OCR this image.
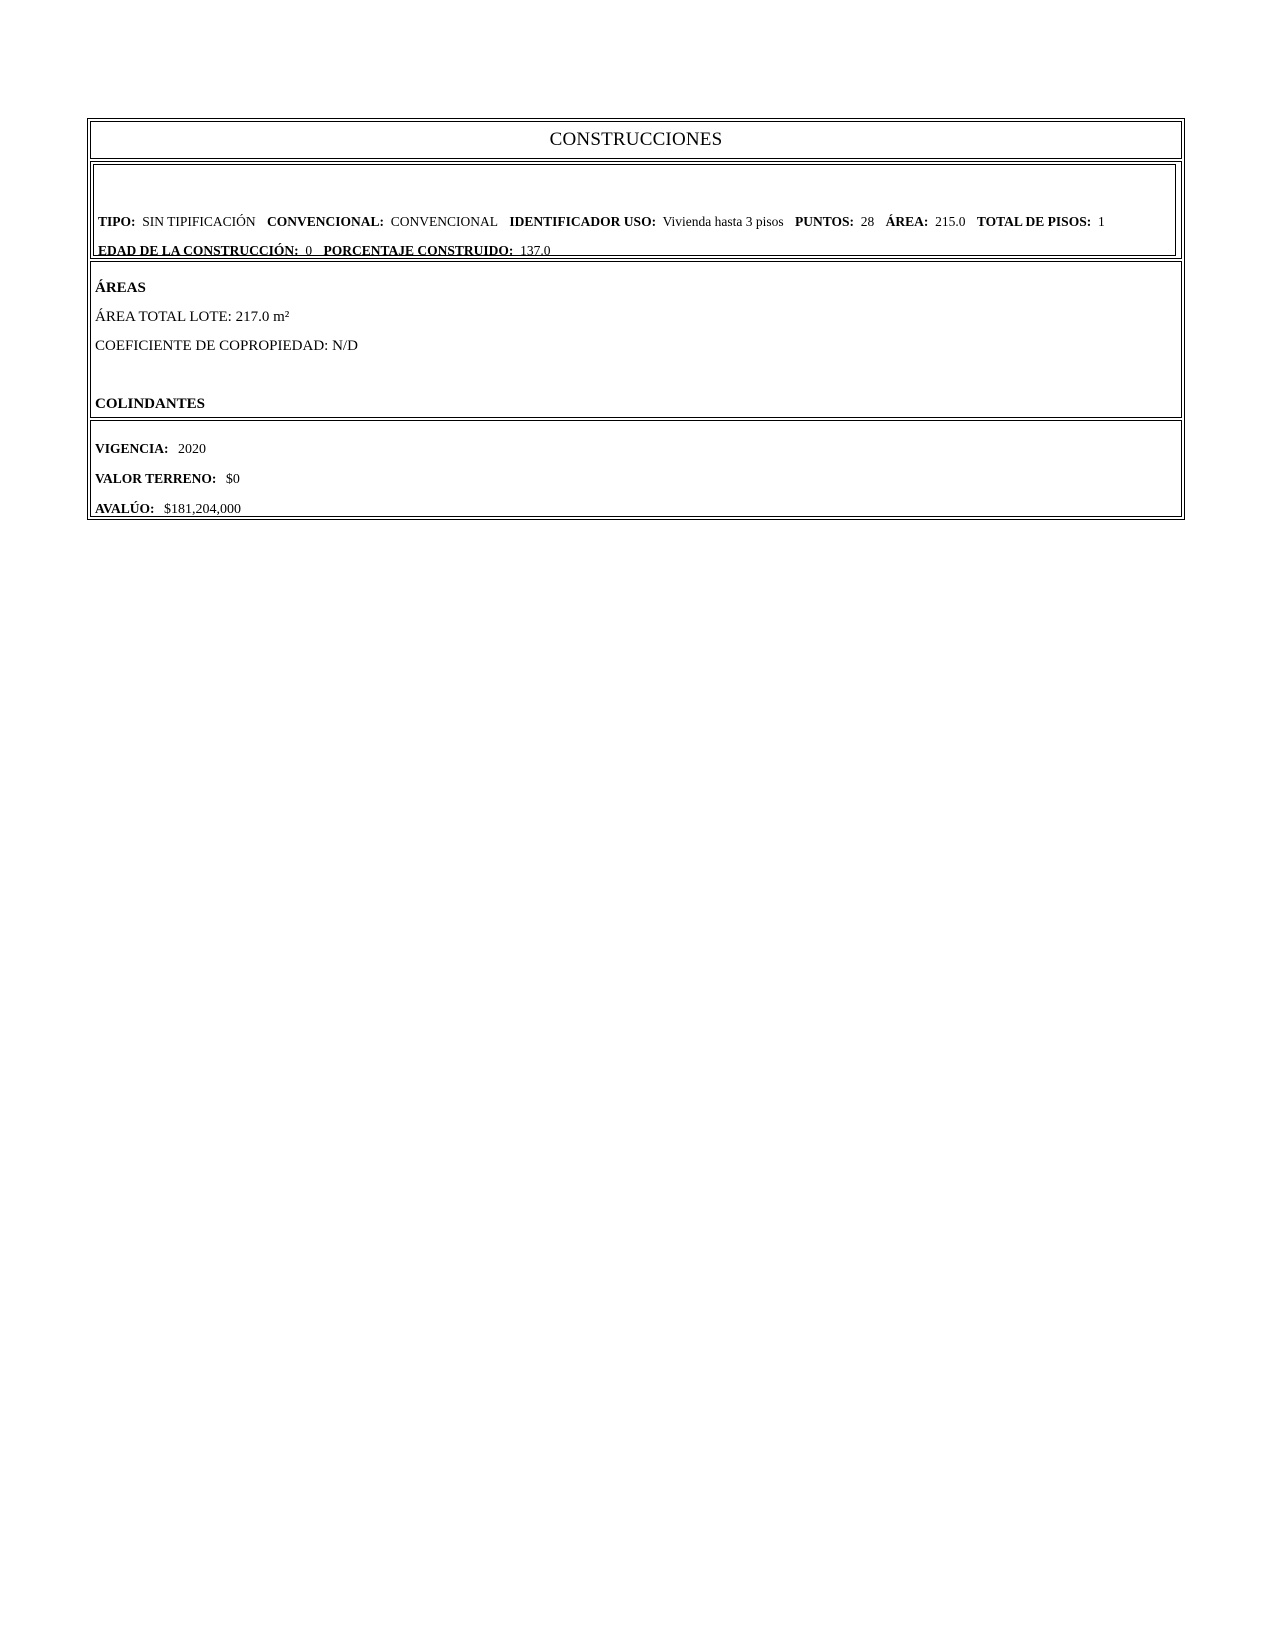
CONSTRUCCIONES
TIPO: SIN TIPIFICACIÓN CONVENCIONAL: CONVENCIONAL IDENTIFICADOR USO: Vivienda hasta 3 pisos PUNTOS: 28 ÁREA: 215.0 TOTAL DE PISOS: 1
EDAD DE LA CONSTRUCCIÓN: 0 PORCENTAJE CONSTRUIDO: 137.0
ÁREAS
ÁREA TOTAL LOTE: 217.0 m²
COEFICIENTE DE COPROPIEDAD: N/D
COLINDANTES
VIGENCIA: 2020
VALOR TERRENO: $0
AVALÚO: $181,204,000
